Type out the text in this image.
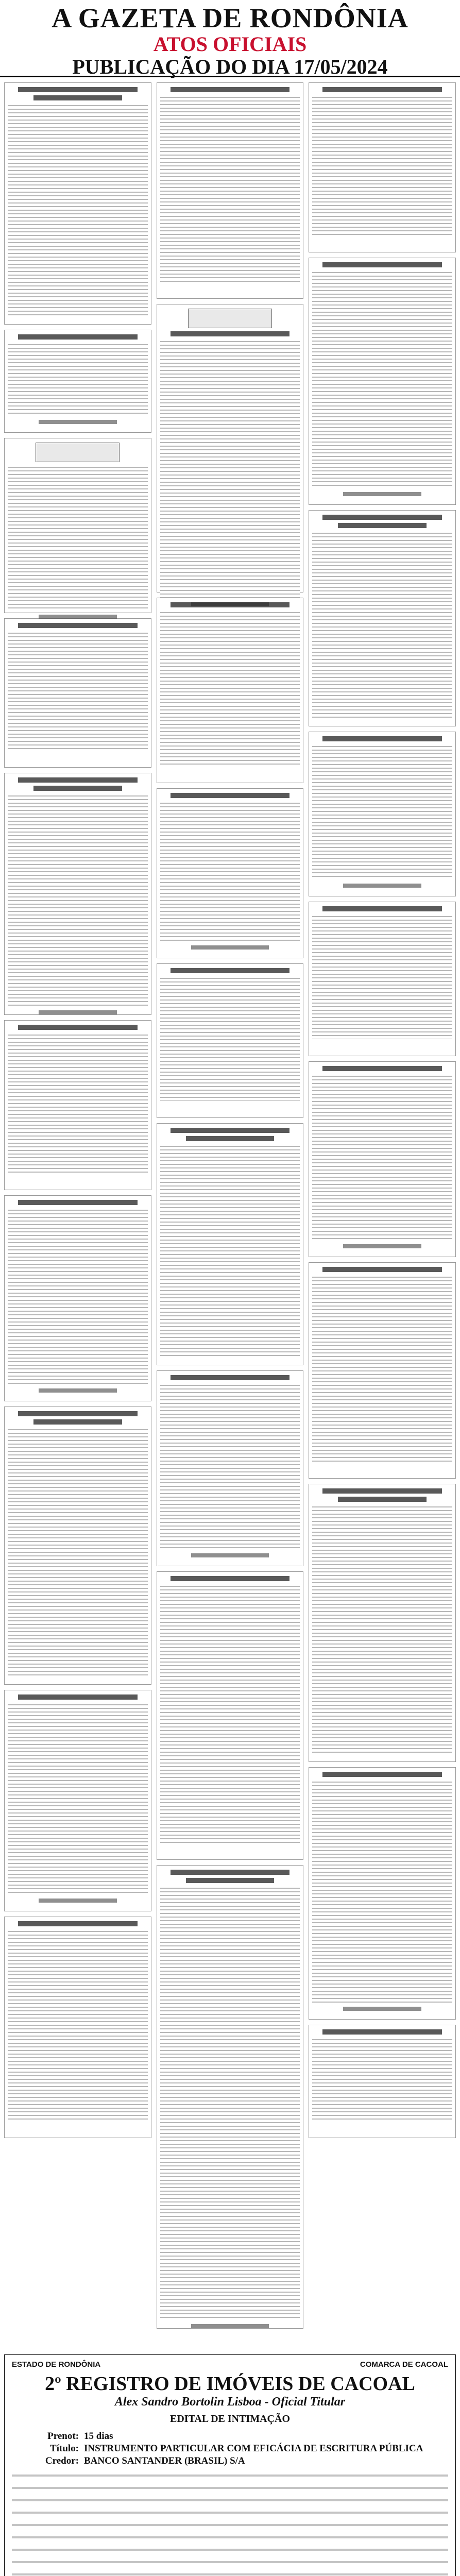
A GAZETA DE RONDÔNIA
ATOS OFICIAIS
PUBLICAÇÃO DO DIA 17/05/2024
ESTADO DE RONDÔNIA	COMARCA DE CACOAL
2º REGISTRO DE IMÓVEIS DE CACOAL
Alex Sandro Bortolin Lisboa - Oficial Titular
EDITAL DE INTIMAÇÃO
Prenot: 15 dias
Título: INSTRUMENTO PARTICULAR COM EFICÁCIA DE ESCRITURA PÚBLICA
Credor: BANCO SANTANDER (BRASIL) S/A
